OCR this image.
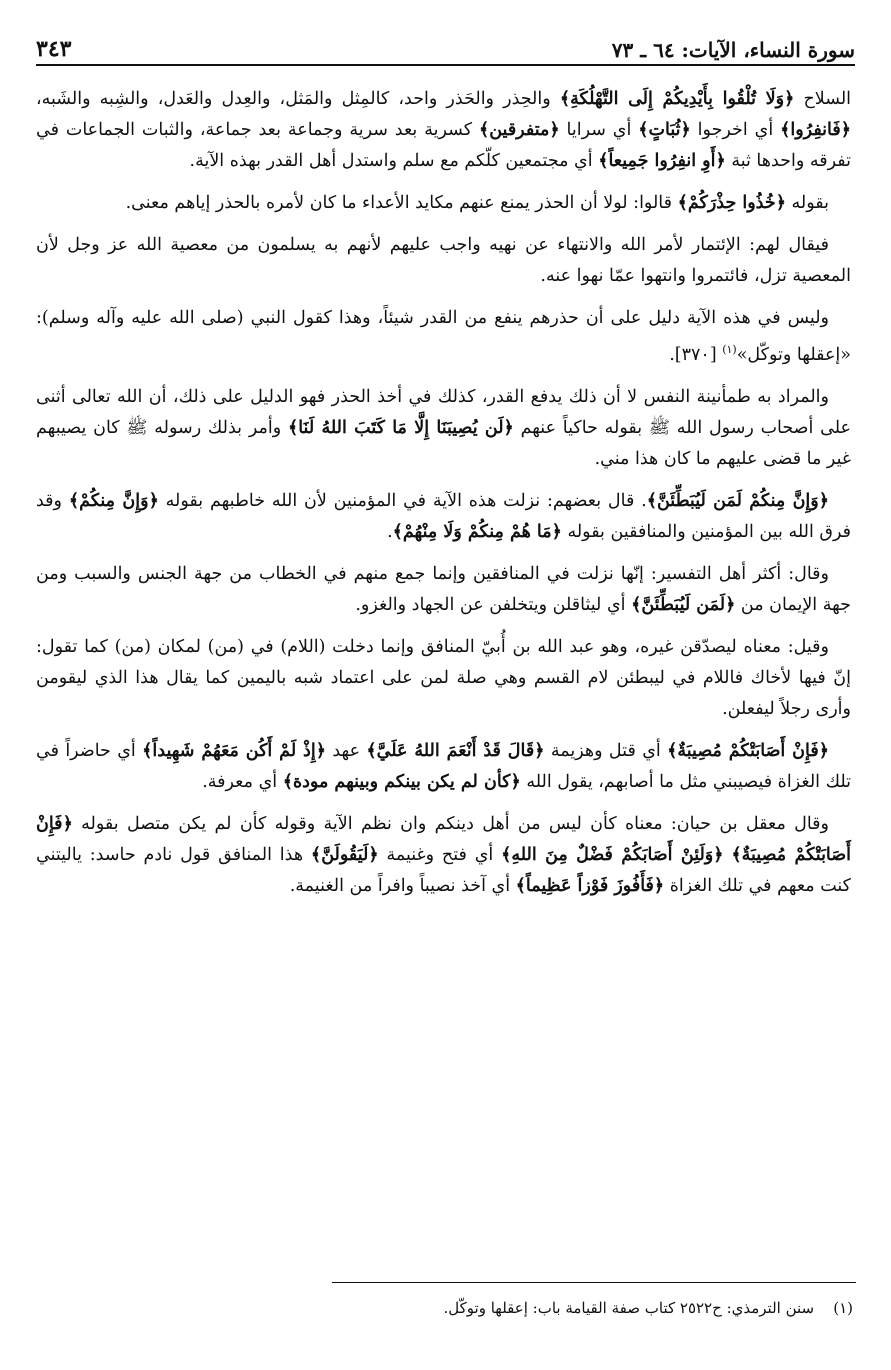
سورة النساء، الآيات: ٦٤ ـ ٧٣
٣٤٣

السلاح ﴿وَلَا تُلْقُوا بِأَيْدِيكُمْ إِلَى التَّهْلُكَةِ﴾ والحِذر والحَذر واحد، كالمِثل والمَثل، والعِدل والعَدل، والشِبه والشَبه، ﴿فَانفِرُوا﴾ أي اخرجوا ﴿ثُبَاتٍ﴾ أي سرايا ﴿متفرقين﴾ كسرية بعد سرية وجماعة بعد جماعة، والثبات الجماعات في تفرقه واحدها ثبة ﴿أَوِ انفِرُوا جَمِيعاً﴾ أي مجتمعين كلّكم مع سلم واستدل أهل القدر بهذه الآية.

بقوله ﴿خُذُوا حِذْرَكُمْ﴾ قالوا: لولا أن الحذر يمنع عنهم مكايد الأعداء ما كان لأمره بالحذر إياهم معنى.

فيقال لهم: الإئتمار لأمر الله والانتهاء عن نهيه واجب عليهم لأنهم به يسلمون من معصية الله عز وجل لأن المعصية تزل، فائتمروا وانتهوا عمّا نهوا عنه.

وليس في هذه الآية دليل على أن حذرهم ينفع من القدر شيئاً، وهذا كقول النبي (صلى الله عليه وآله وسلم): «إعقلها وتوكّل»$^{(١)}$ [٣٧٠].

والمراد به طمأنينة النفس لا أن ذلك يدفع القدر، كذلك في أخذ الحذر فهو الدليل على ذلك، أن الله تعالى أثنى على أصحاب رسول الله ﷺ بقوله حاكياً عنهم ﴿لَن يُصِيبَنَا إِلَّا مَا كَتَبَ اللهُ لَنَا﴾ وأمر بذلك رسوله ﷺ كان يصيبهم غير ما قضى عليهم ما كان هذا مني.

﴿وَإِنَّ مِنكُمْ لَمَن لَيُبَطِّئَنَّ﴾. قال بعضهم: نزلت هذه الآية في المؤمنين لأن الله خاطبهم بقوله ﴿وَإِنَّ مِنكُمْ﴾ وقد فرق الله بين المؤمنين والمنافقين بقوله ﴿مَا هُمْ مِنكُمْ وَلَا مِنْهُمْ﴾.

وقال: أكثر أهل التفسير: إنّها نزلت في المنافقين وإنما جمع منهم في الخطاب من جهة الجنس والسبب ومن جهة الإيمان من ﴿لَمَن لَيُبَطِّئَنَّ﴾ أي ليثاقلن ويتخلفن عن الجهاد والغزو.

وقيل: معناه ليصدّقن غيره، وهو عبد الله بن أُبيّ المنافق وإنما دخلت (اللام) في (من) لمكان (من) كما تقول: إنّ فيها لأخاك فاللام في ليبطئن لام القسم وهي صلة لمن على اعتماد شبه باليمين كما يقال هذا الذي ليقومن وأرى رجلاً ليفعلن.

﴿فَإِنْ أَصَابَتْكُمْ مُصِيبَةٌ﴾ أي قتل وهزيمة ﴿قَالَ قَدْ أَنْعَمَ اللهُ عَلَيَّ﴾ عهد ﴿إِذْ لَمْ أَكُن مَعَهُمْ شَهِيداً﴾ أي حاضراً في تلك الغزاة فيصيبني مثل ما أصابهم، يقول الله ﴿كأن لم يكن بينكم وبينهم مودة﴾ أي معرفة.

وقال معقل بن حيان: معناه كأن ليس من أهل دينكم وان نظم الآية وقوله كأن لم يكن متصل بقوله ﴿فَإِنْ أَصَابَتْكُمْ مُصِيبَةٌ﴾ ﴿وَلَئِنْ أَصَابَكُمْ فَضْلٌ مِنَ اللهِ﴾ أي فتح وغنيمة ﴿لَيَقُولَنَّ﴾ هذا المنافق قول نادم حاسد: ياليتني كنت معهم في تلك الغزاة ﴿فَأَفُوزَ فَوْزاً عَظِيماً﴾ أي آخذ نصيباً وافراً من الغنيمة.

(١)    سنن الترمذي: ح٢٥٢٢ كتاب صفة القيامة باب: إعقلها وتوكّل.
